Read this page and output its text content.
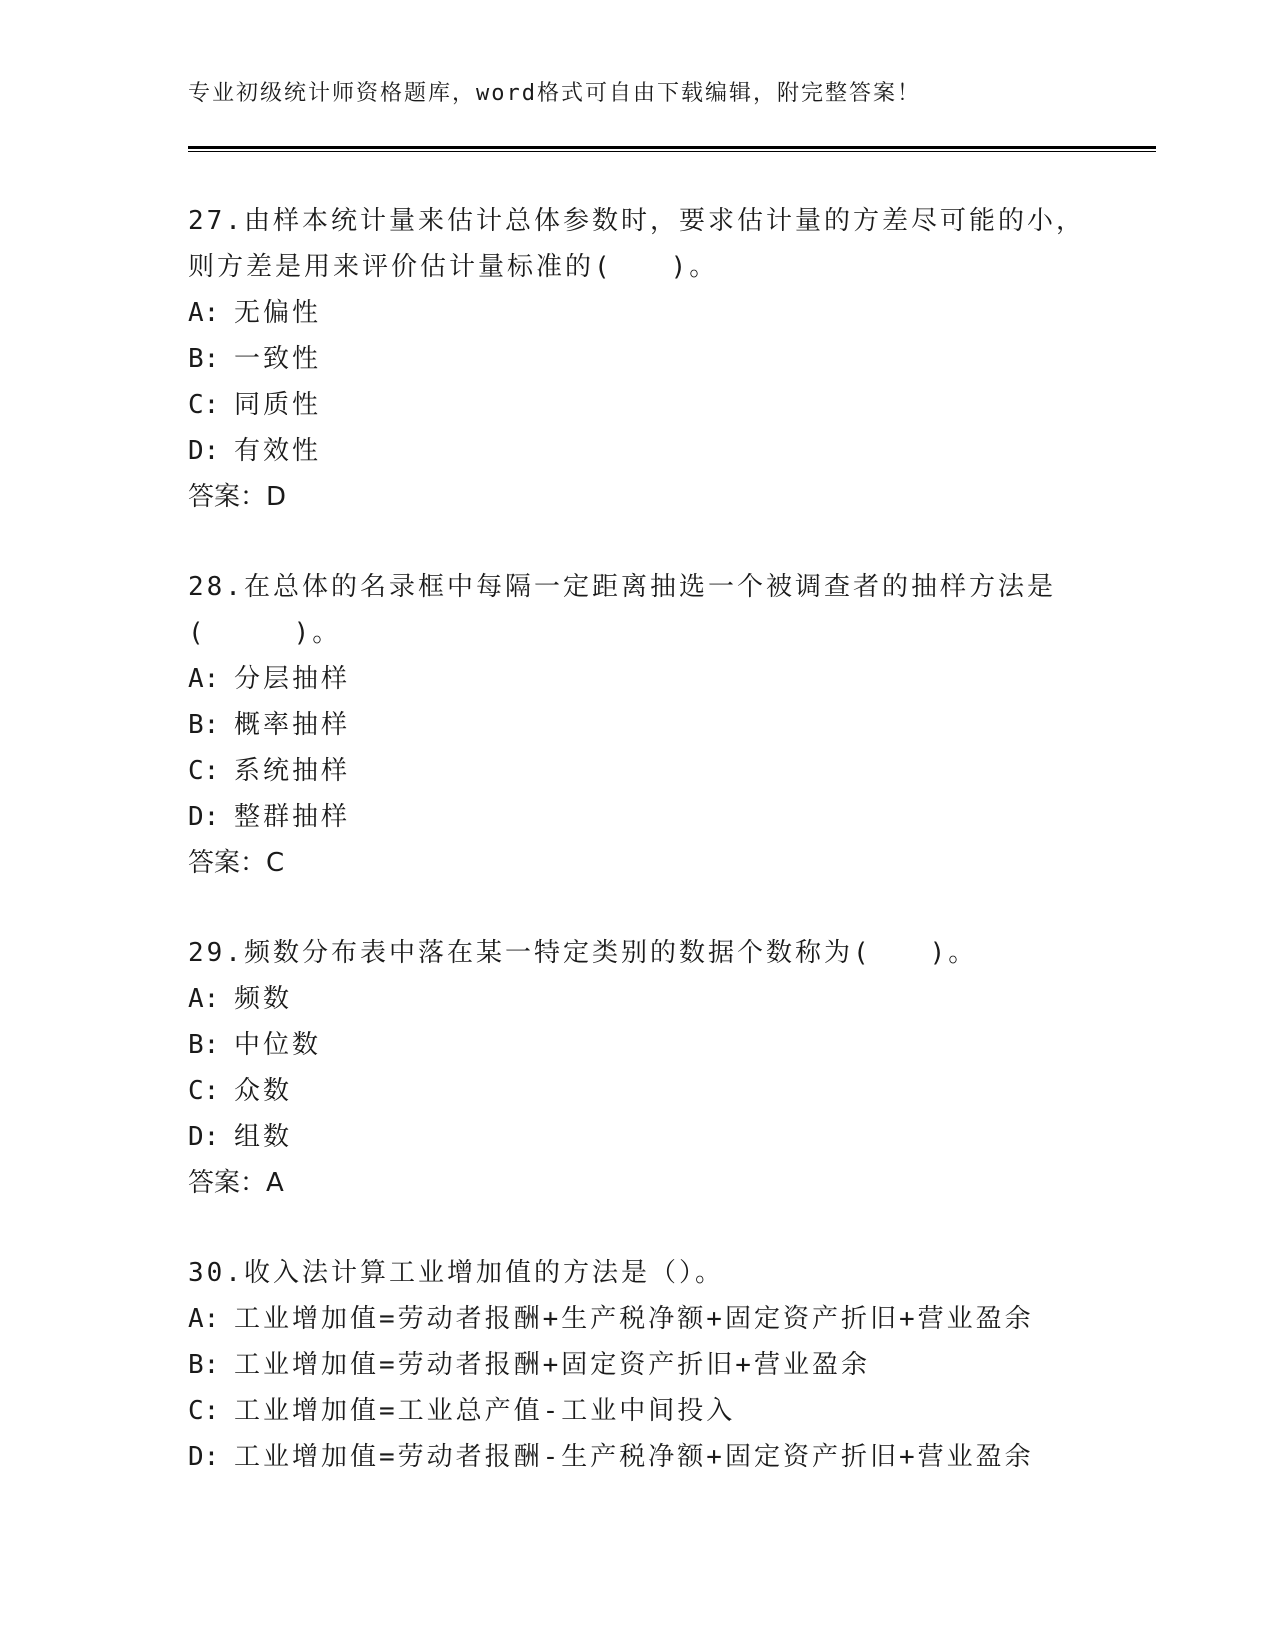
专业初级统计师资格题库，word格式可自由下载编辑，附完整答案！
27.由样本统计量来估计总体参数时，要求估计量的方差尽可能的小，
则方差是用来评价估计量标准的(　　)。
A: 无偏性
B: 一致性
C: 同质性
D: 有效性
答案：D
28.在总体的名录框中每隔一定距离抽选一个被调查者的抽样方法是
(　　　)。
A: 分层抽样
B: 概率抽样
C: 系统抽样
D: 整群抽样
答案：C
29.频数分布表中落在某一特定类别的数据个数称为(　　)。
A: 频数
B: 中位数
C: 众数
D: 组数
答案：A
30.收入法计算工业增加值的方法是（）。
A: 工业增加值=劳动者报酬+生产税净额+固定资产折旧+营业盈余
B: 工业增加值=劳动者报酬+固定资产折旧+营业盈余
C: 工业增加值=工业总产值-工业中间投入
D: 工业增加值=劳动者报酬-生产税净额+固定资产折旧+营业盈余
